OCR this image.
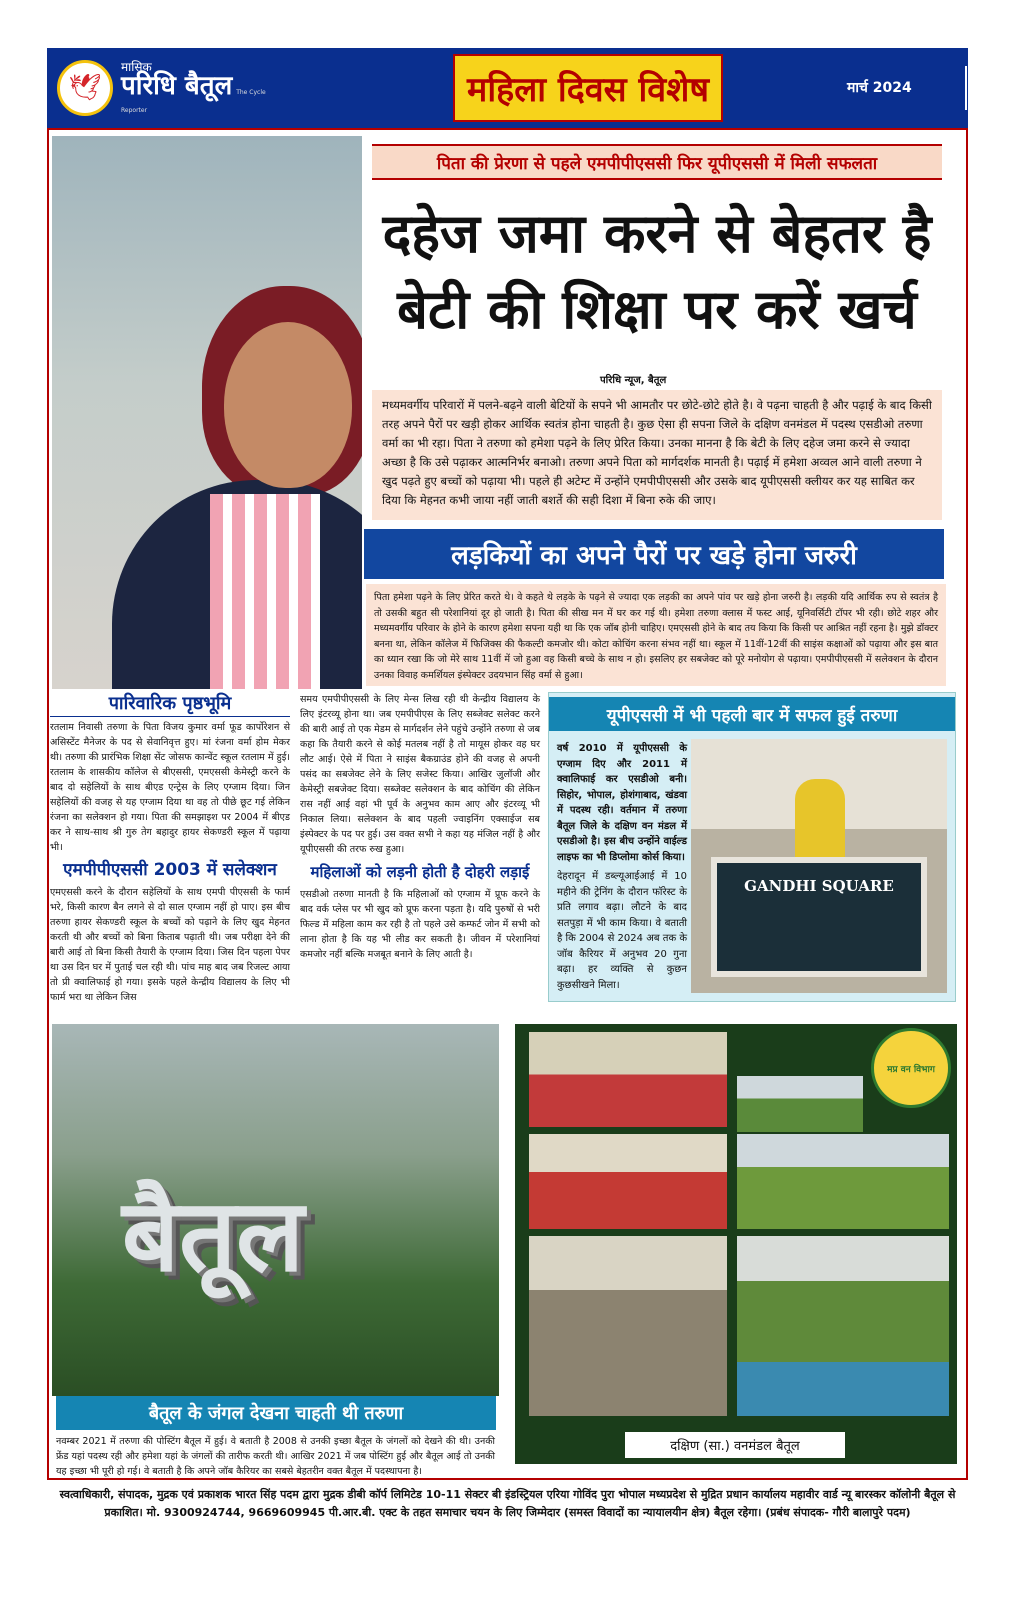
🕊
मासिक
परिधि बैतूल The Cycle Reporter
महिला दिवस विशेष	मार्च 2024	16
पिता की प्रेरणा से पहले एमपीपीएससी फिर यूपीएससी में मिली सफलता
दहेज जमा करने से बेहतर है बेटी की शिक्षा पर करें खर्च
परिधि न्यूज, बैतूल
मध्यमवर्गीय परिवारों में पलने-बढ़ने वाली बेटियों के सपने भी आमतौर पर छोटे-छोटे होते है। वे पढ़ना चाहती है और पढ़ाई के बाद किसी तरह अपने पैरों पर खड़ी होकर आर्थिक स्वतंत्र होना चाहती है। कुछ ऐसा ही सपना जिले के दक्षिण वनमंडल में पदस्थ एसडीओ तरुणा वर्मा का भी रहा। पिता ने तरुणा को हमेशा पढ़ने के लिए प्रेरित किया। उनका मानना है कि बेटी के लिए दहेज जमा करने से ज्यादा अच्छा है कि उसे पढ़ाकर आत्मनिर्भर बनाओ। तरुणा अपने पिता को मार्गदर्शक मानती है। पढ़ाई में हमेशा अव्वल आने वाली तरुणा ने खुद पढ़ते हुए बच्चों को पढ़ाया भी। पहले ही अटेम्ट में उन्होंने एमपीपीएससी और उसके बाद यूपीएससी क्लीयर कर यह साबित कर दिया कि मेहनत कभी जाया नहीं जाती बशर्ते की सही दिशा में बिना रुके की जाए।
लड़कियों का अपने पैरों पर खड़े होना जरुरी
पिता हमेशा पढ़ने के लिए प्रेरित करते थे। वे कहते थे लड़के के पढ़ने से ज्यादा एक लड़की का अपने पांव पर खड़े होना जरुरी है। लड़की यदि आर्थिक रुप से स्वतंत्र है तो उसकी बहुत सी परेशानियां दूर हो जाती है। पिता की सीख मन में घर कर गई थी। हमेशा तरुणा क्लास में फस्ट आई, यूनिवर्सिटी टॉपर भी रही। छोटे शहर और मध्यमवर्गीय परिवार के होने के कारण हमेशा सपना यही था कि एक जॉब होनी चाहिए। एमएससी होने के बाद तय किया कि किसी पर आश्रित नहीं रहना है। मुझे डॉक्टर बनना था, लेकिन कॉलेज में फिजिक्स की फैकल्टी कमजोर थी। कोटा कोचिंग करना संभव नहीं था। स्कूल में 11वीं-12वीं की साइंस कक्षाओं को पढ़ाया और इस बात का ध्यान रखा कि जो मेरे साथ 11वीं में जो हुआ वह किसी बच्चे के साथ न हो। इसलिए हर सबजेक्ट को पूरे मनोयोग से पढ़ाया। एमपीपीएससी में सलेक्शन के दौरान उनका विवाह कमर्शियल इंस्पेक्टर उदयभान सिंह वर्मा से हुआ।
पारिवारिक पृष्ठभूमि
रतलाम निवासी तरुणा के पिता विजय कुमार वर्मा फूड कार्पोरेशन से असिस्टेंट मैनेजर के पद से सेवानिवृत्त हुए। मां रंजना वर्मा होम मेकर थी। तरुणा की प्रारंभिक शिक्षा सेंट जोसफ कान्वेंट स्कूल रतलाम में हुई। रतलाम के शासकीय कॉलेज से बीएससी, एमएससी केमेस्ट्री करने के बाद दो सहेलियों के साथ बीएड एन्ट्रेस के लिए एग्जाम दिया। जिन सहेलियों की वजह से यह एग्जाम दिया था वह तो पीछे छूट गई लेकिन रंजना का सलेक्शन हो गया। पिता की समझाइश पर 2004 में बीएड कर ने साथ-साथ श्री गुरु तेग बहादुर हायर सेकण्डरी स्कूल में पढ़ाया भी।
एमपीपीएससी 2003 में सलेक्शन
एमएससी करने के दौरान सहेलियों के साथ एमपी पीएससी के फार्म भरे, किसी कारण बैन लगने से दो साल एग्जाम नहीं हो पाए। इस बीच तरुणा हायर सेकण्डरी स्कूल के बच्चों को पढ़ाने के लिए खुद मेहनत करती थी और बच्चों को बिना किताब पढ़ाती थी। जब परीक्षा देने की बारी आई तो बिना किसी तैयारी के एग्जाम दिया। जिस दिन पहला पेपर था उस दिन घर में पुताई चल रही थी। पांच माह बाद जब रिजल्ट आया तो प्री क्वालिफाई हो गया। इसके पहले केन्द्रीय विद्यालय के लिए भी फार्म भरा था लेकिन जिस
समय एमपीपीएससी के लिए मेन्स लिख रही थी केन्द्रीय विद्यालय के लिए इंटरव्यू होना था। जब एमपीपीएस के लिए सब्जेक्ट सलेक्ट करने की बारी आई तो एक मेडम से मार्गदर्शन लेने पहुंचे उन्होंने तरुणा से जब कहा कि तैयारी करने से कोई मतलब नहीं है तो मायूस होकर वह घर लौट आई। ऐसे में पिता ने साइंस बैकग्राउंड होने की वजह से अपनी पसंद का सबजेक्ट लेने के लिए सजेस्ट किया। आखिर जुलॉजी और केमेस्ट्री सबजेक्ट दिया। सब्जेक्ट सलेक्शन के बाद कोचिंग की लेकिन रास नहीं आई वहां भी पूर्व के अनुभव काम आए और इंटरव्यू भी निकाल लिया। सलेक्शन के बाद पहली ज्वाइनिंग एक्साईज सब इंस्पेक्टर के पद पर हुई। उस वक्त सभी ने कहा यह मंजिल नहीं है और यूपीएससी की तरफ रुख हुआ।
महिलाओं को लड़नी होती है दोहरी लड़ाई
एसडीओ तरुणा मानती है कि महिलाओं को एग्जाम में प्रूफ करने के बाद वर्क प्लेस पर भी खुद को प्रूफ करना पड़ता है। यदि पुरुषों से भरी फिल्ड में महिला काम कर रही है तो पहले उसे कम्फर्ट जोन में सभी को लाना होता है कि यह भी लीड कर सकती है। जीवन में परेशानियां कमजोर नहीं बल्कि मजबूत बनाने के लिए आती है।
यूपीएससी में भी पहली बार में सफल हुई तरुणा
वर्ष 2010 में यूपीएससी के एग्जाम दिए और 2011 में क्वालिफाई कर एसडीओ बनी। सिहोर, भोपाल, होशंगाबाद, खंडवा में पदस्थ रही। वर्तमान में तरुणा बैतूल जिले के दक्षिण वन मंडल में एसडीओ है। इस बीच उन्होंने वाईल्ड लाइफ का भी डिप्लोमा कोर्स किया।
देहरादून में डब्ल्यूआईआई में 10 महीने की ट्रेनिंग के दौरान फॉरेस्ट के प्रति लगाव बढ़ा। लौटने के बाद सतपुड़ा में भी काम किया। वे बताती है कि 2004 से 2024 अब तक के जॉब कैरियर में अनुभव 20 गुना बढ़ा। हर व्यक्ति से कुछन कुछसीखने मिला।
GANDHI SQUARE
बैतूल
बैतूल के जंगल देखना चाहती थी तरुणा
नवम्बर 2021 में तरुणा की पोस्टिंग बैतूल में हुई। वे बताती है 2008 से उनकी इच्छा बैतूल के जंगलों को देखने की थी। उनकी फ्रेंड यहां पदस्थ रही और हमेशा यहां के जंगलों की तारीफ करती थी। आखिर 2021 में जब पोस्टिंग हुई और बैतूल आई तो उनकी यह इच्छा भी पूरी हो गई। वे बताती है कि अपने जॉब कैरियर का सबसे बेहतरीन वक्त बैतूल में पदस्थापना है।
मप्र वन विभाग
दक्षिण (सा.) वनमंडल बैतूल
स्वत्वाधिकारी, संपादक, मुद्रक एवं प्रकाशक भारत सिंह पदम द्वारा मुद्रक डीबी कॉर्प लिमिटेड 10-11 सेक्टर बी इंडस्ट्रियल एरिया गोविंद पुरा भोपाल मध्यप्रदेश से मुद्रित प्रधान कार्यालय महावीर वार्ड न्यू बारस्कर कॉलोनी बैतूल से प्रकाशित। मो. 9300924744, 9669609945 पी.आर.बी. एक्ट के तहत समाचार चयन के लिए जिम्मेदार (समस्त विवादों का न्यायालयीन क्षेत्र) बैतूल रहेगा। (प्रबंध संपादक- गौरी बालापुरे पदम)
